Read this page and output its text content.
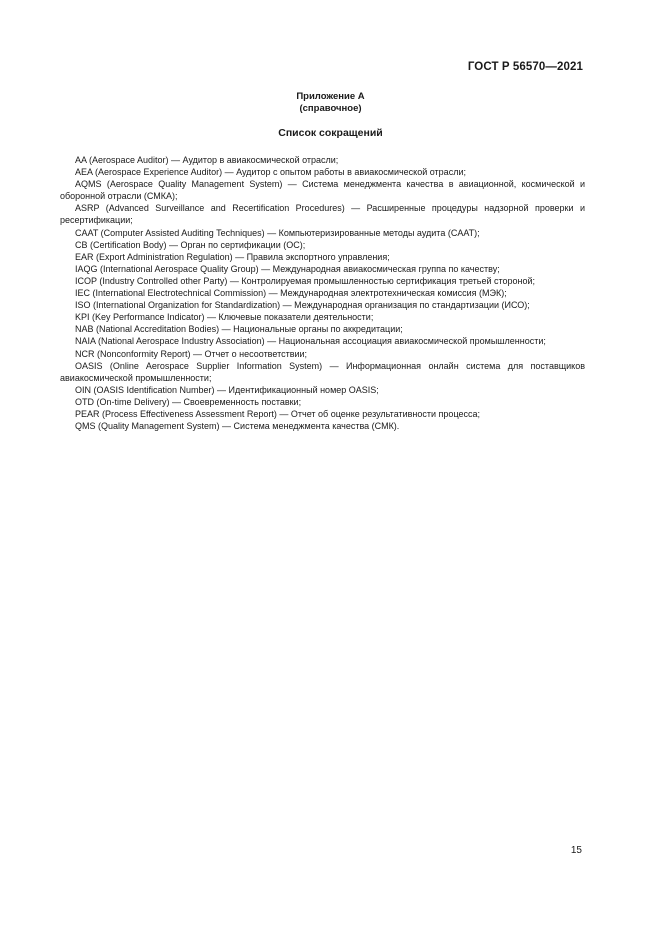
ГОСТ Р 56570—2021
Приложение А
(справочное)
Список сокращений

AA (Aerospace Auditor) — Аудитор в авиакосмической отрасли;

AEA (Aerospace Experience Auditor) — Аудитор с опытом работы в авиакосмической отрасли;

AQMS (Aerospace Quality Management System) — Система менеджмента качества в авиационной, космической и оборонной отрасли (СМКА);

ASRP (Advanced Surveillance and Recertification Procedures) — Расширенные процедуры надзорной проверки и ресертификации;

CAAT (Computer Assisted Auditing Techniques) — Компьютеризированные методы аудита (CAAT);

CB (Certification Body) — Орган по сертификации (ОС);

EAR (Export Administration Regulation) — Правила экспортного управления;

IAQG (International Aerospace Quality Group) — Международная авиакосмическая группа по качеству;

ICOP (Industry Controlled other Party) — Контролируемая промышленностью сертификация третьей стороной;

IEC (International Electrotechnical Commission) — Международная электротехническая комиссия (МЭК);

ISO (International Organization for Standardization) — Международная организация по стандартизации (ИСО);

KPI (Key Performance Indicator) — Ключевые показатели деятельности;

NAB (National Accreditation Bodies) — Национальные органы по аккредитации;

NAIA (National Aerospace Industry Association) — Национальная ассоциация авиакосмической промышленности;

NCR (Nonconformity Report) — Отчет о несоответствии;

OASIS (Online Aerospace Supplier Information System) — Информационная онлайн система для поставщиков авиакосмической промышленности;

OIN (OASIS Identification Number) — Идентификационный номер OASIS;

OTD (On-time Delivery) — Своевременность поставки;

PEAR (Process Effectiveness Assessment Report) — Отчет об оценке результативности процесса;

QMS (Quality Management System) — Система менеджмента качества (СМК).

15
